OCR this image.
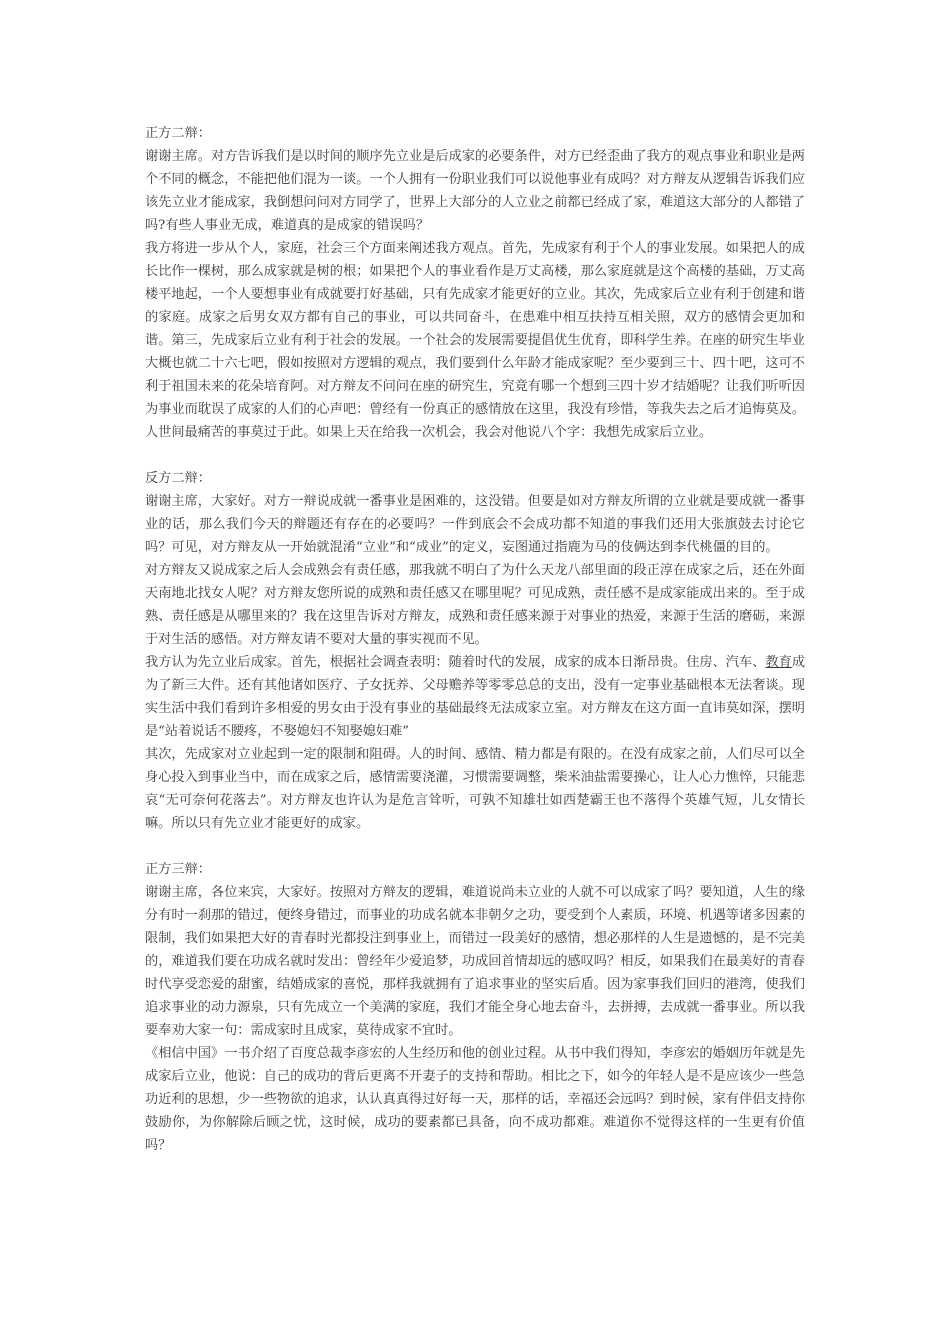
正方二辩：

谢谢主席。对方告诉我们是以时间的顺序先立业是后成家的必要条件，对方已经歪曲了我方的观点事业和职业是两个不同的概念，不能把他们混为一谈。一个人拥有一份职业我们可以说他事业有成吗？对方辩友从逻辑告诉我们应该先立业才能成家，我倒想问问对方同学了，世界上大部分的人立业之前都已经成了家，难道这大部分的人都错了吗?有些人事业无成，难道真的是成家的错误吗？

我方将进一步从个人，家庭，社会三个方面来阐述我方观点。首先，先成家有利于个人的事业发展。如果把人的成长比作一棵树，那么成家就是树的根；如果把个人的事业看作是万丈高楼，那么家庭就是这个高楼的基础，万丈高楼平地起，一个人要想事业有成就要打好基础，只有先成家才能更好的立业。其次，先成家后立业有利于创建和谐的家庭。成家之后男女双方都有自己的事业，可以共同奋斗，在患难中相互扶持互相关照，双方的感情会更加和谐。第三，先成家后立业有利于社会的发展。一个社会的发展需要提倡优生优育，即科学生养。在座的研究生毕业大概也就二十六七吧，假如按照对方逻辑的观点，我们要到什么年龄才能成家呢？至少要到三十、四十吧，这可不利于祖国未来的花朵培育阿。对方辩友不问问在座的研究生，究竟有哪一个想到三四十岁才结婚呢？让我们听听因为事业而耽误了成家的人们的心声吧：曾经有一份真正的感情放在这里，我没有珍惜，等我失去之后才追悔莫及。人世间最痛苦的事莫过于此。如果上天在给我一次机会，我会对他说八个字：我想先成家后立业。

反方二辩：

谢谢主席，大家好。对方一辩说成就一番事业是困难的，这没错。但要是如对方辩友所谓的立业就是要成就一番事业的话，那么我们今天的辩题还有存在的必要吗？一件到底会不会成功都不知道的事我们还用大张旗鼓去讨论它吗？可见，对方辩友从一开始就混淆“立业”和“成业”的定义，妄图通过指鹿为马的伎俩达到李代桃僵的目的。

对方辩友又说成家之后人会成熟会有责任感，那我就不明白了为什么天龙八部里面的段正淳在成家之后，还在外面天南地北找女人呢？对方辩友您所说的成熟和责任感又在哪里呢？可见成熟，责任感不是成家能成出来的。至于成熟、责任感是从哪里来的？我在这里告诉对方辩友，成熟和责任感来源于对事业的热爱，来源于生活的磨砺，来源于对生活的感悟。对方辩友请不要对大量的事实视而不见。

我方认为先立业后成家。首先，根据社会调查表明：随着时代的发展，成家的成本日渐昂贵。住房、汽车、教育成为了新三大件。还有其他诸如医疗、子女抚养、父母赡养等零零总总的支出，没有一定事业基础根本无法奢谈。现实生活中我们看到许多相爱的男女由于没有事业的基础最终无法成家立室。对方辩友在这方面一直讳莫如深，摆明是“站着说话不腰疼，不娶媳妇不知娶媳妇难”

其次，先成家对立业起到一定的限制和阻碍。人的时间、感情、精力都是有限的。在没有成家之前，人们尽可以全身心投入到事业当中，而在成家之后，感情需要浇灌，习惯需要调整，柴米油盐需要操心，让人心力憔悴，只能悲哀“无可奈何花落去”。对方辩友也许认为是危言耸听，可孰不知雄壮如西楚霸王也不落得个英雄气短，儿女情长嘛。所以只有先立业才能更好的成家。

正方三辩：

谢谢主席，各位来宾，大家好。按照对方辩友的逻辑，难道说尚未立业的人就不可以成家了吗？要知道，人生的缘分有时一刹那的错过，便终身错过，而事业的功成名就本非朝夕之功，要受到个人素质，环境、机遇等诸多因素的限制，我们如果把大好的青春时光都投注到事业上，而错过一段美好的感情，想必那样的人生是遗憾的，是不完美的，难道我们要在功成名就时发出：曾经年少爱追梦，功成回首情却远的感叹吗？相反，如果我们在最美好的青春时代享受恋爱的甜蜜，结婚成家的喜悦，那样我就拥有了追求事业的坚实后盾。因为家事我们回归的港湾，使我们追求事业的动力源泉，只有先成立一个美满的家庭，我们才能全身心地去奋斗，去拼搏，去成就一番事业。所以我要奉劝大家一句：需成家时且成家，莫待成家不宜时。

《相信中国》一书介绍了百度总裁李彦宏的人生经历和他的创业过程。从书中我们得知，李彦宏的婚姻历年就是先成家后立业，他说：自己的成功的背后更离不开妻子的支持和帮助。相比之下，如今的年轻人是不是应该少一些急功近利的思想，少一些物欲的追求，认认真真得过好每一天，那样的话，幸福还会远吗？到时候，家有伴侣支持你鼓励你，为你解除后顾之忧，这时候，成功的要素都已具备，向不成功都难。难道你不觉得这样的一生更有价值吗？
